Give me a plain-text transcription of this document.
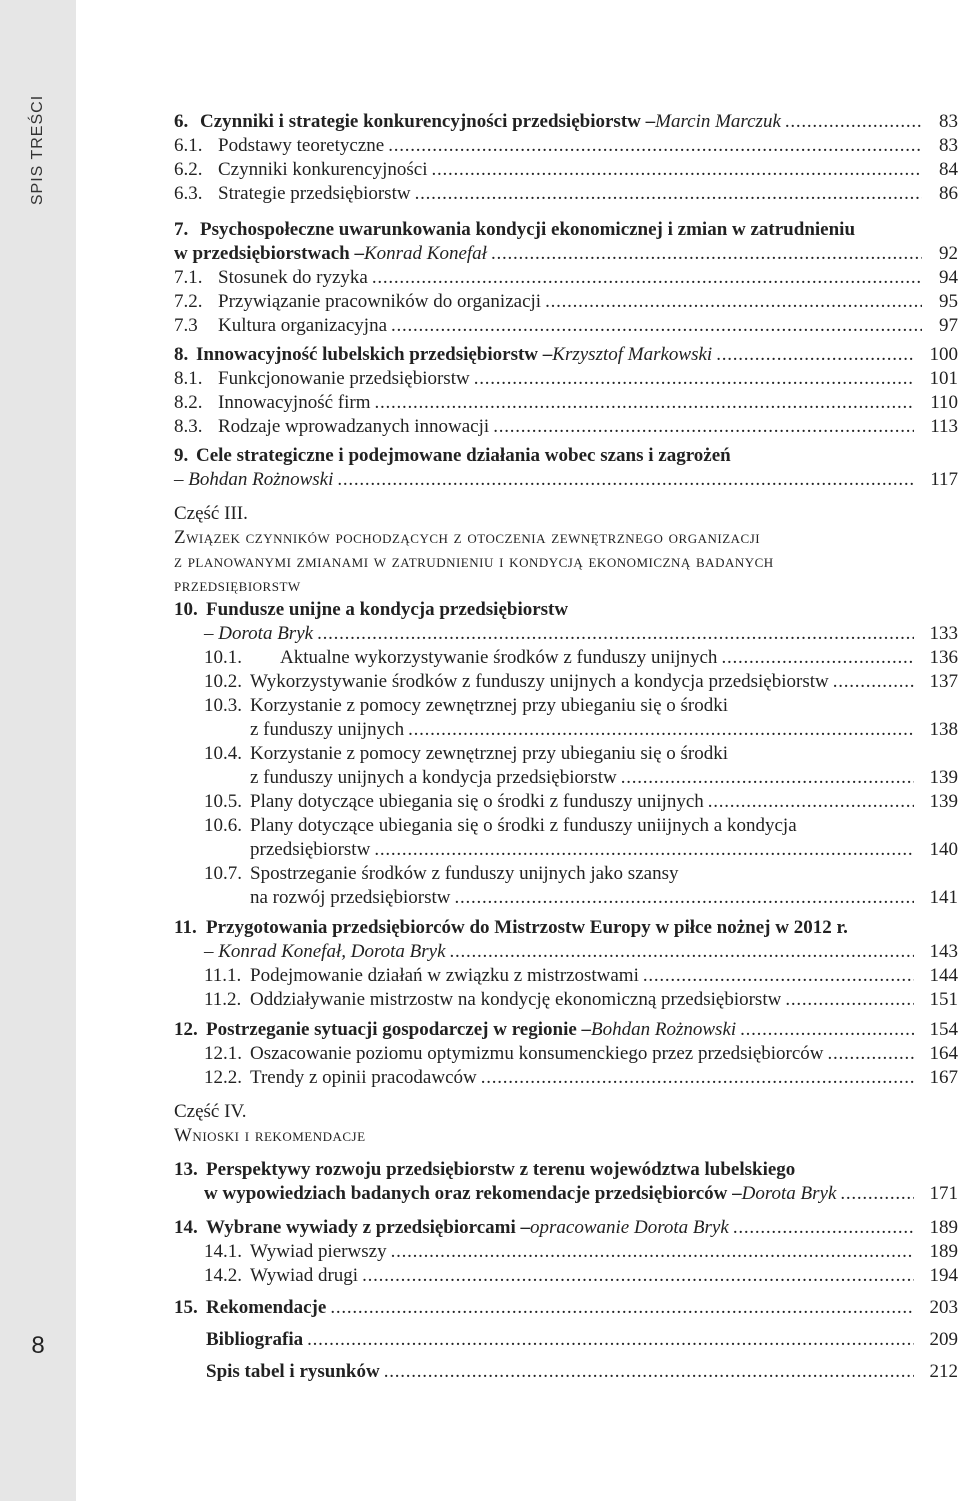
SPIS TREŚCI
8
6. Czynniki i strategie konkurencyjności przedsiębiorstw – Marcin Marczuk . . .	83
6.1. Podstawy teoretyczne . . .	83
6.2. Czynniki konkurencyjności . . .	84
6.3. Strategie przedsiębiorstw . . .	86
7. Psychospołeczne uwarunkowania kondycji ekonomicznej i zmian w zatrudnieniu
w przedsiębiorstwach – Konrad Konefał . . .	92
7.1. Stosunek do ryzyka . . .	94
7.2. Przywiązanie pracowników do organizacji . . .	95
7.3	Kultura organizacyjna . . .	97
8. Innowacyjność lubelskich przedsiębiorstw – Krzysztof Markowski . . .	100
8.1. Funkcjonowanie przedsiębiorstw . . .	101
8.2. Innowacyjność firm . . .	110
8.3. Rodzaje wprowadzanych innowacji . . .	113
9. Cele strategiczne i podejmowane działania wobec szans i zagrożeń
– Bohdan Rożnowski . . .	117
Część III.
Związek czynników pochodzących z otoczenia zewnętrznego organizacji
z planowanymi zmianami w zatrudnieniu i kondycją ekonomiczną badanych
przedsiębiorstw
10. Fundusze unijne a kondycja przedsiębiorstw
– Dorota Bryk . . .	133
10.1.	Aktualne wykorzystywanie środków z funduszy unijnych . . .	136
10.2. Wykorzystywanie środków z funduszy unijnych a kondycja przedsiębiorstw . . .	137
10.3. Korzystanie z pomocy zewnętrznej przy ubieganiu się o środki
z funduszy unijnych . . .	138
10.4. Korzystanie z pomocy zewnętrznej przy ubieganiu się o środki
z funduszy unijnych a kondycja przedsiębiorstw . . .	139
10.5. Plany dotyczące ubiegania się o środki z funduszy unijnych . . .	139
10.6. Plany dotyczące ubiegania się o środki z funduszy uniijnych a kondycja
przedsiębiorstw . . .	140
10.7. Spostrzeganie środków z funduszy unijnych jako szansy
na rozwój przedsiębiorstw . . .	141
11. Przygotowania przedsiębiorców do Mistrzostw Europy w piłce nożnej w 2012 r.
– Konrad Konefał, Dorota Bryk . . .	143
11.1. Podejmowanie działań w związku z mistrzostwami . . .	144
11.2. Oddziaływanie mistrzostw na kondycję ekonomiczną przedsiębiorstw . . .	151
12. Postrzeganie sytuacji gospodarczej w regionie – Bohdan Rożnowski . . .	154
12.1. Oszacowanie poziomu optymizmu konsumenckiego przez przedsiębiorców . . .	164
12.2. Trendy z opinii pracodawców . . .	167
Część IV.
Wnioski i rekomendacje
13. Perspektywy rozwoju przedsiębiorstw z terenu województwa lubelskiego
w wypowiedziach badanych oraz rekomendacje przedsiębiorców – Dorota Bryk . . .	171
14. Wybrane wywiady z przedsiębiorcami – opracowanie Dorota Bryk . . .	189
14.1. Wywiad pierwszy . . .	189
14.2. Wywiad drugi . . .	194
15. Rekomendacje . . .	203
Bibliografia . . .	209
Spis tabel i rysunków . . .	212
